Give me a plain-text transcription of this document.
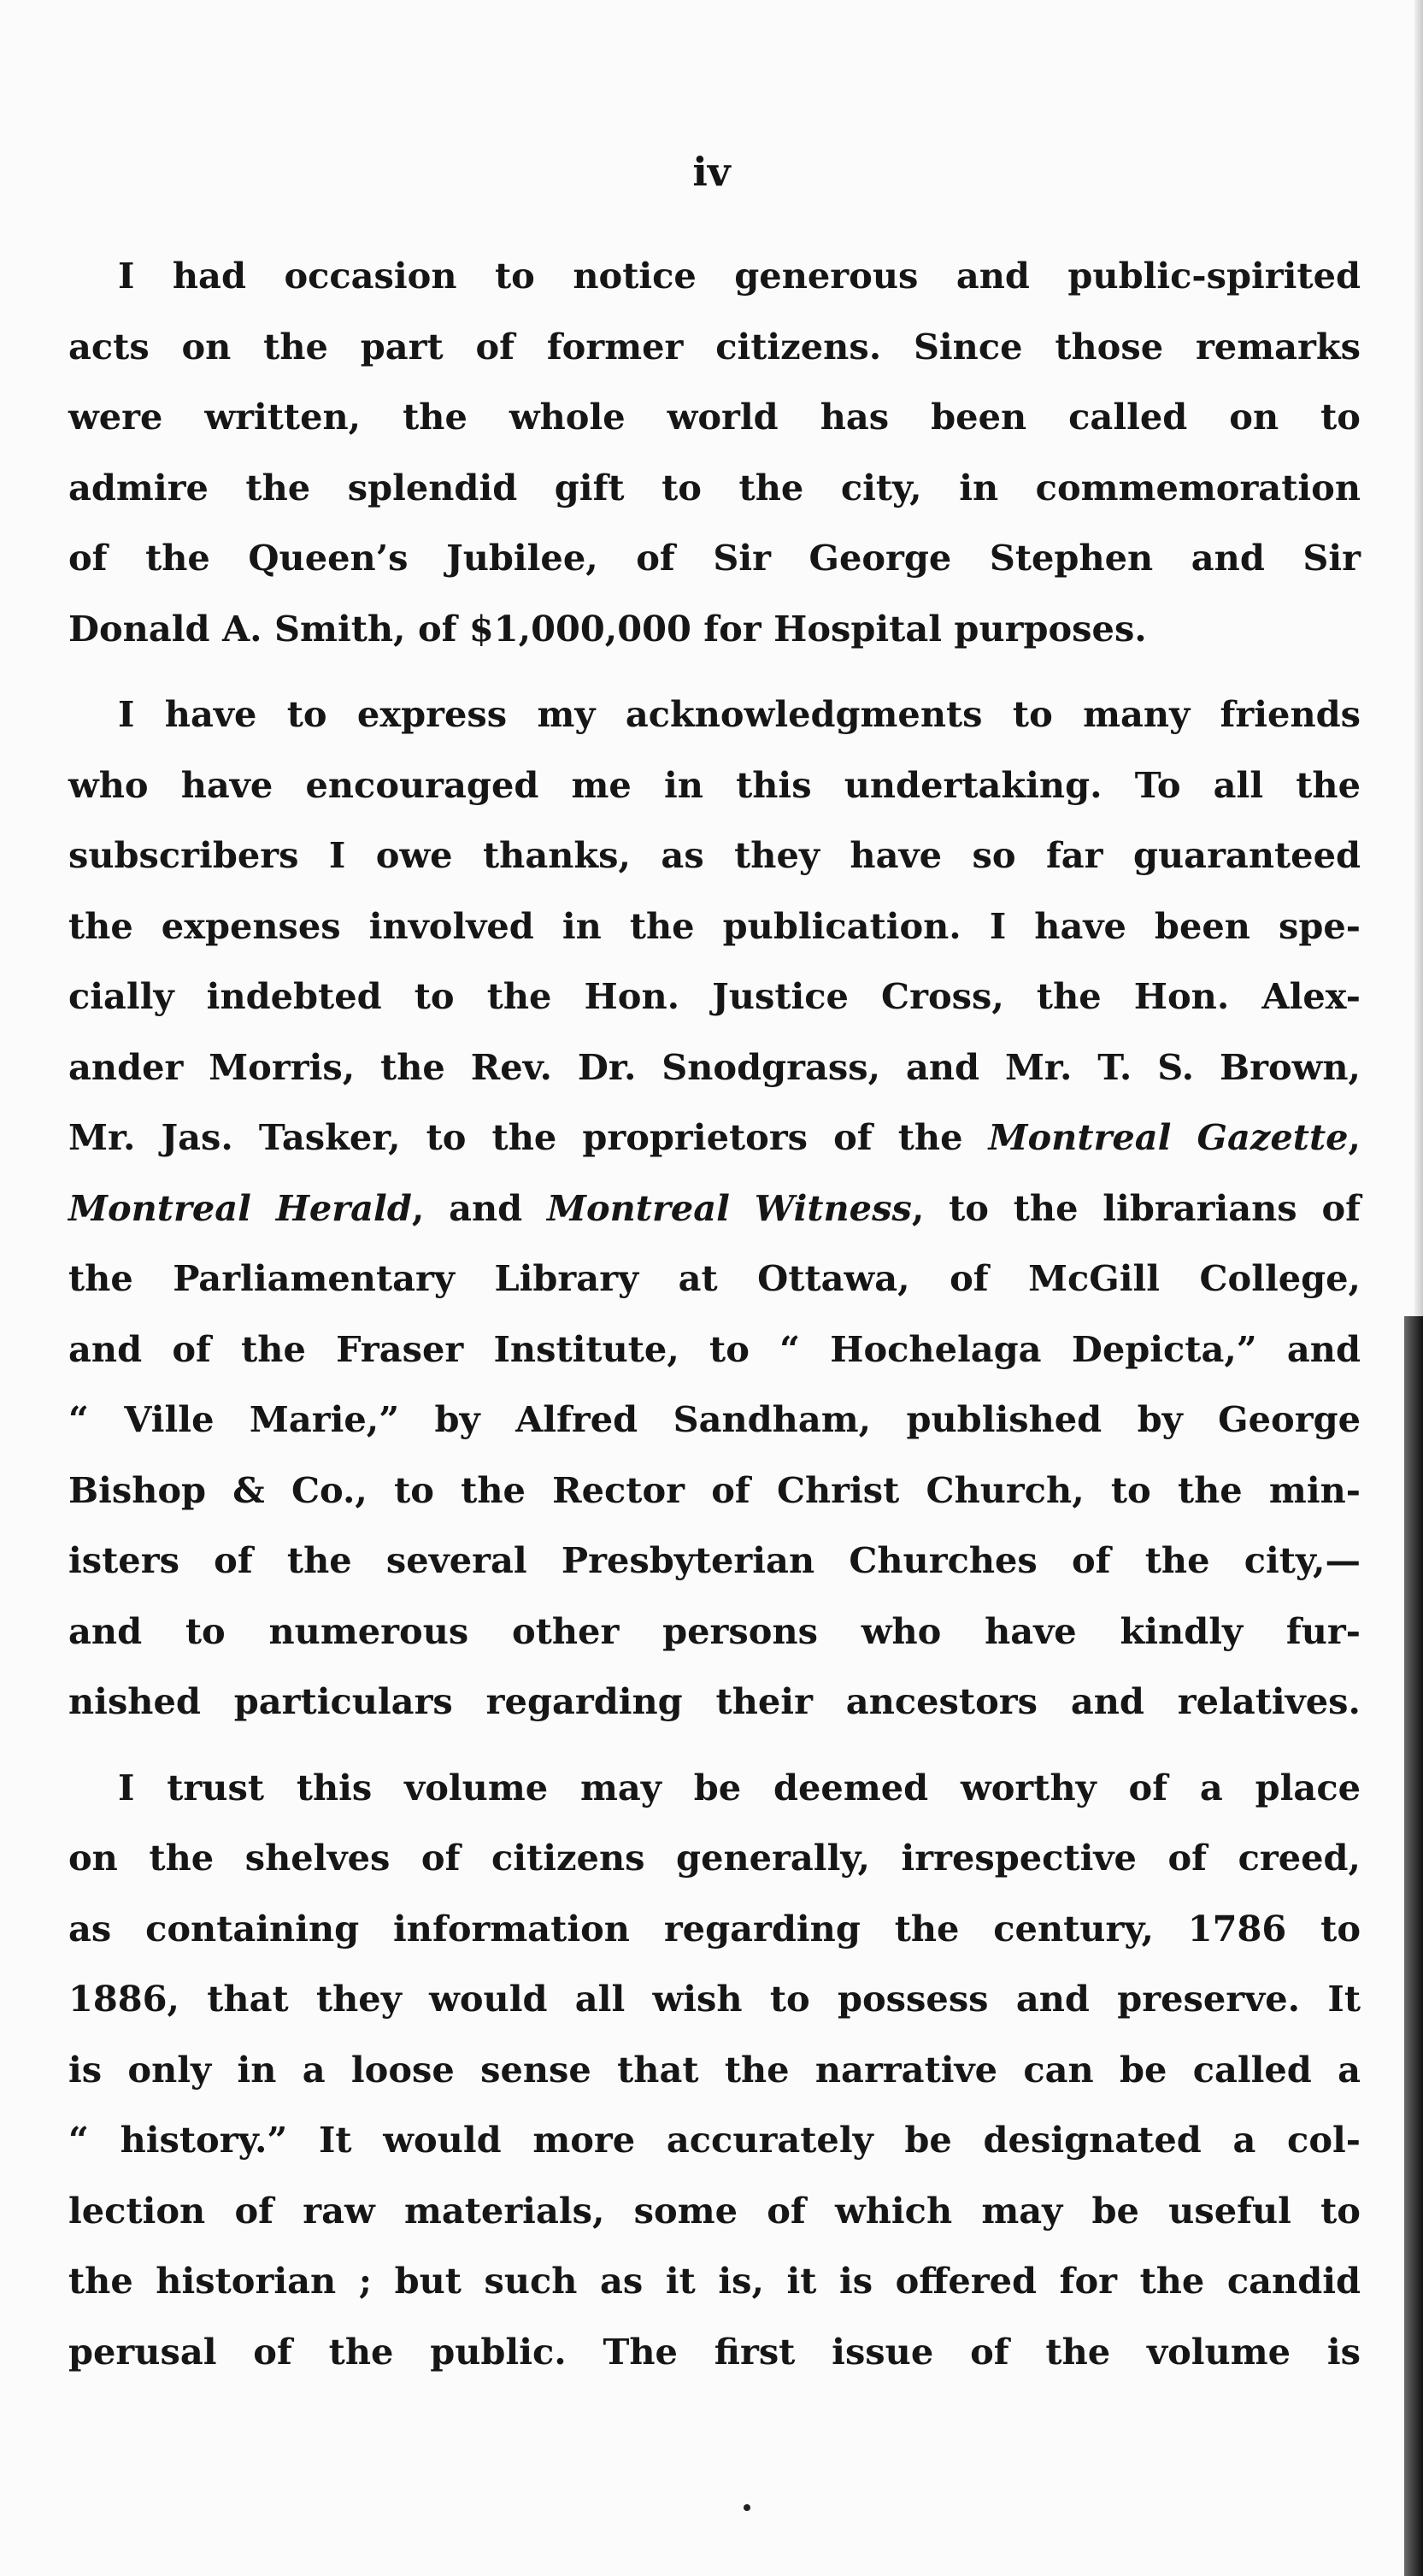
iv

I had occasion to notice generous and public-spirited
acts on the part of former citizens. Since those remarks
were written, the whole world has been called on to
admire the splendid gift to the city, in commemoration
of the Queen’s Jubilee, of Sir George Stephen and Sir
Donald A. Smith, of $1,000,000 for Hospital purposes.

I have to express my acknowledgments to many friends
who have encouraged me in this undertaking. To all the
subscribers I owe thanks, as they have so far guaranteed
the expenses involved in the publication. I have been spe-
cially indebted to the Hon. Justice Cross, the Hon. Alex-
ander Morris, the Rev. Dr. Snodgrass, and Mr. T. S. Brown,
Mr. Jas. Tasker, to the proprietors of the Montreal Gazette,
Montreal Herald, and Montreal Witness, to the librarians of
the Parliamentary Library at Ottawa, of McGill College,
and of the Fraser Institute, to “ Hochelaga Depicta,” and
“ Ville Marie,” by Alfred Sandham, published by George
Bishop & Co., to the Rector of Christ Church, to the min-
isters of the several Presbyterian Churches of the city,—
and to numerous other persons who have kindly fur-
nished particulars regarding their ancestors and relatives.

I trust this volume may be deemed worthy of a place
on the shelves of citizens generally, irrespective of creed,
as containing information regarding the century, 1786 to
1886, that they would all wish to possess and preserve. It
is only in a loose sense that the narrative can be called a
“ history.” It would more accurately be designated a col-
lection of raw materials, some of which may be useful to
the historian ; but such as it is, it is offered for the candid
perusal of the public. The first issue of the volume is
